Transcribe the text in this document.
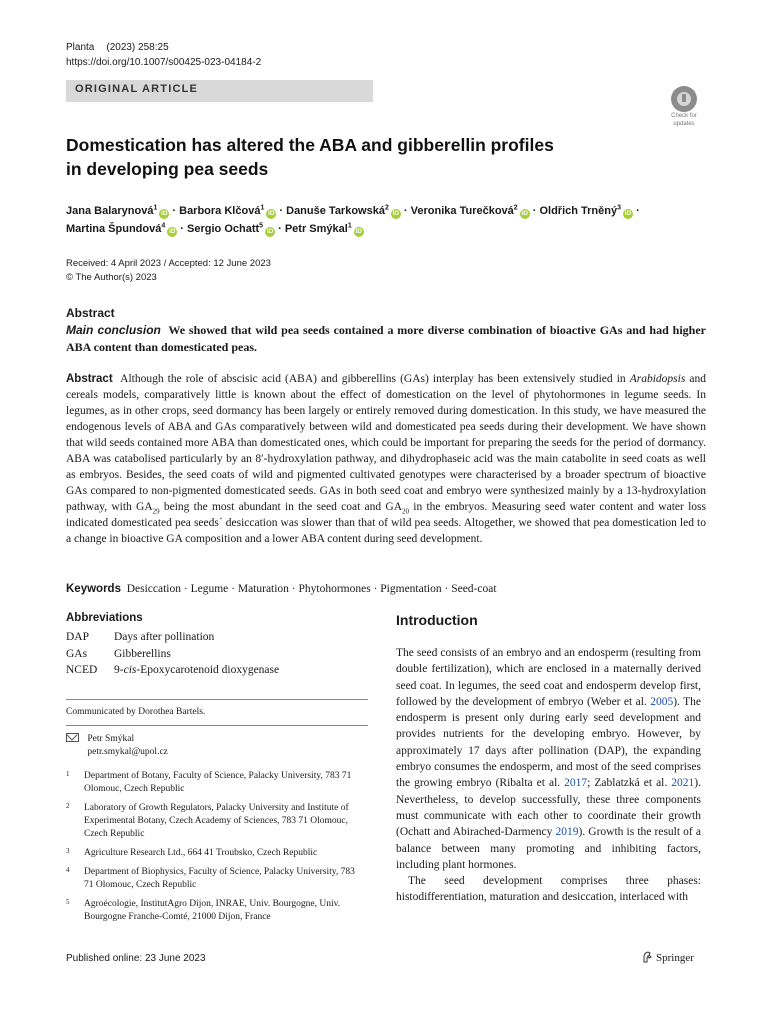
Planta (2023) 258:25
https://doi.org/10.1007/s00425-023-04184-2
ORIGINAL ARTICLE
Check for
updates
Domestication has altered the ABA and gibberellin profiles
in developing pea seeds
Jana Balarynová$^1$iD · Barbora Klčová$^1$iD · Danuše Tarkowská$^2$iD · Veronika Turečková$^2$iD · Oldřich Trněný$^3$iD ·
Martina Špundová$^4$iD · Sergio Ochatt$^5$iD · Petr Smýkal$^1$iD
Received: 4 April 2023 / Accepted: 12 June 2023
© The Author(s) 2023
Abstract
Main conclusion We showed that wild pea seeds contained a more diverse combination of bioactive GAs and had higher ABA content than domesticated peas.
Abstract Although the role of abscisic acid (ABA) and gibberellins (GAs) interplay has been extensively studied in Arabidopsis and cereals models, comparatively little is known about the effect of domestication on the level of phytohormones in legume seeds. In legumes, as in other crops, seed dormancy has been largely or entirely removed during domestication. In this study, we have measured the endogenous levels of ABA and GAs comparatively between wild and domesticated pea seeds during their development. We have shown that wild seeds contained more ABA than domesticated ones, which could be important for preparing the seeds for the period of dormancy. ABA was catabolised particularly by an 8′-hydroxylation pathway, and dihydrophaseic acid was the main catabolite in seed coats as well as embryos. Besides, the seed coats of wild and pigmented cultivated genotypes were characterised by a broader spectrum of bioactive GAs compared to non-pigmented domesticated seeds. GAs in both seed coat and embryo were synthesized mainly by a 13-hydroxylation pathway, with $GA_{29}$ being the most abundant in the seed coat and $GA_{20}$ in the embryos. Measuring seed water content and water loss indicated domesticated pea seeds´ desiccation was slower than that of wild pea seeds. Altogether, we showed that pea domestication led to a change in bioactive GA composition and a lower ABA content during seed development.
Keywords Desiccation · Legume · Maturation · Phytohormones · Pigmentation · Seed-coat
Abbreviations
DAP	Days after pollination
GAs	Gibberellins
NCED	9-cis-Epoxycarotenoid dioxygenase
Communicated by Dorothea Bartels.

Petr Smýkal
petr.smykal@upol.cz
1	Department of Botany, Faculty of Science, Palacky University, 783 71 Olomouc, Czech Republic
2	Laboratory of Growth Regulators, Palacky University and Institute of Experimental Botany, Czech Academy of Sciences, 783 71 Olomouc, Czech Republic
3	Agriculture Research Ltd., 664 41 Troubsko, Czech Republic
4	Department of Biophysics, Faculty of Science, Palacky University, 783 71 Olomouc, Czech Republic
5	Agroécologie, InstitutAgro Dijon, INRAE, Univ. Bourgogne, Univ. Bourgogne Franche-Comté, 21000 Dijon, France
Introduction

The seed consists of an embryo and an endosperm (resulting from double fertilization), which are enclosed in a maternally derived seed coat. In legumes, the seed coat and endosperm develop first, followed by the development of embryo (Weber et al. 2005). The endosperm is present only during early seed development and provides nutrients for the developing embryo. However, by approximately 17 days after pollination (DAP), the expanding embryo consumes the endosperm, and most of the seed comprises the growing embryo (Ribalta et al. 2017; Zablatzká et al. 2021). Nevertheless, to develop successfully, these three components must communicate with each other to coordinate their growth (Ochatt and Abirached-Darmency 2019). Growth is the result of a balance between many promoting and inhibiting factors, including plant hormones.

The seed development comprises three phases: histodifferentiation, maturation and desiccation, interlaced with

Published online: 23 June 2023	Springer
